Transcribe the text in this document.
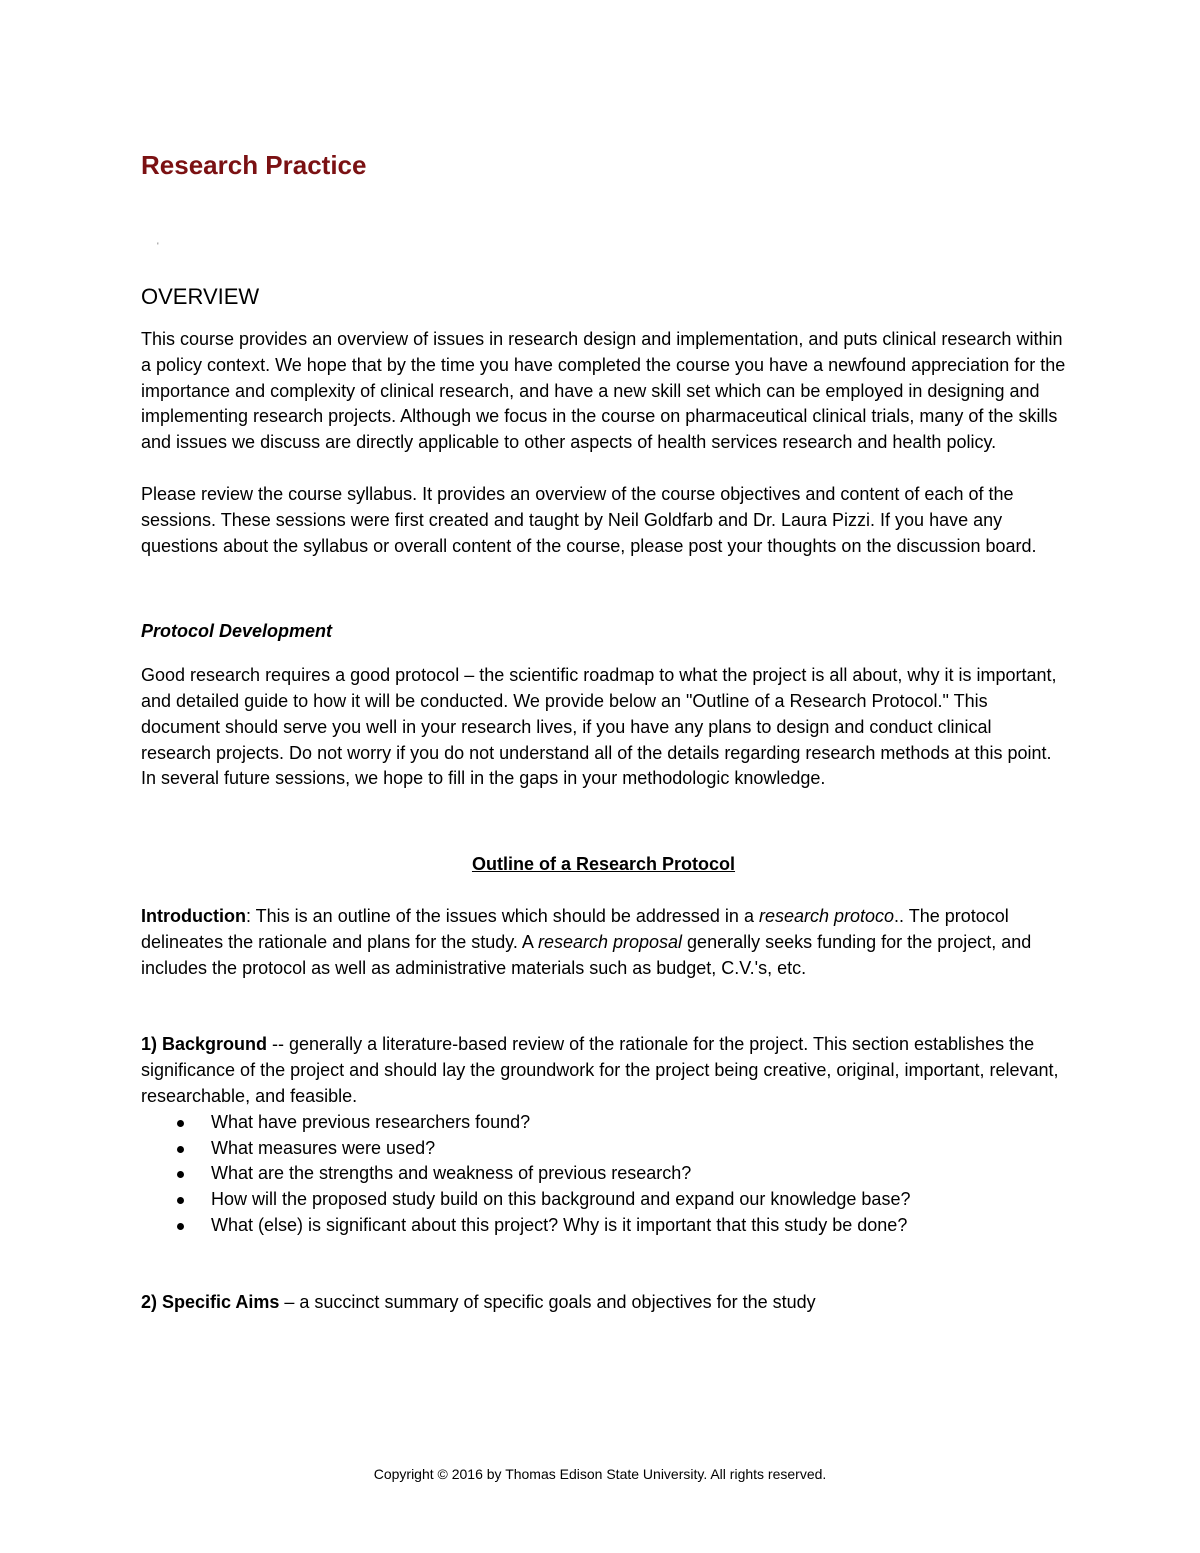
Research Practice
'
OVERVIEW

This course provides an overview of issues in research design and implementation, and puts clinical research within a policy context. We hope that by the time you have completed the course you have a newfound appreciation for the importance and complexity of clinical research, and have a new skill set which can be employed in designing and implementing research projects. Although we focus in the course on pharmaceutical clinical trials, many of the skills and issues we discuss are directly applicable to other aspects of health services research and health policy.

Please review the course syllabus. It provides an overview of the course objectives and content of each of the sessions. These sessions were first created and taught by Neil Goldfarb and Dr. Laura Pizzi. If you have any questions about the syllabus or overall content of the course, please post your thoughts on the discussion board.

Protocol Development

Good research requires a good protocol – the scientific roadmap to what the project is all about, why it is important, and detailed guide to how it will be conducted. We provide below an "Outline of a Research Protocol." This document should serve you well in your research lives, if you have any plans to design and conduct clinical research projects. Do not worry if you do not understand all of the details regarding research methods at this point. In several future sessions, we hope to fill in the gaps in your methodologic knowledge.

Outline of a Research Protocol

Introduction: This is an outline of the issues which should be addressed in a research protoco.. The protocol delineates the rationale and plans for the study. A research proposal generally seeks funding for the project, and includes the protocol as well as administrative materials such as budget, C.V.'s, etc.

1) Background -- generally a literature-based review of the rationale for the project. This section establishes the significance of the project and should lay the groundwork for the project being creative, original, important, relevant, researchable, and feasible.

What have previous researchers found?
What measures were used?
What are the strengths and weakness of previous research?
How will the proposed study build on this background and expand our knowledge base?
What (else) is significant about this project? Why is it important that this study be done?

2) Specific Aims – a succinct summary of specific goals and objectives for the study

Copyright © 2016 by Thomas Edison State University. All rights reserved.
